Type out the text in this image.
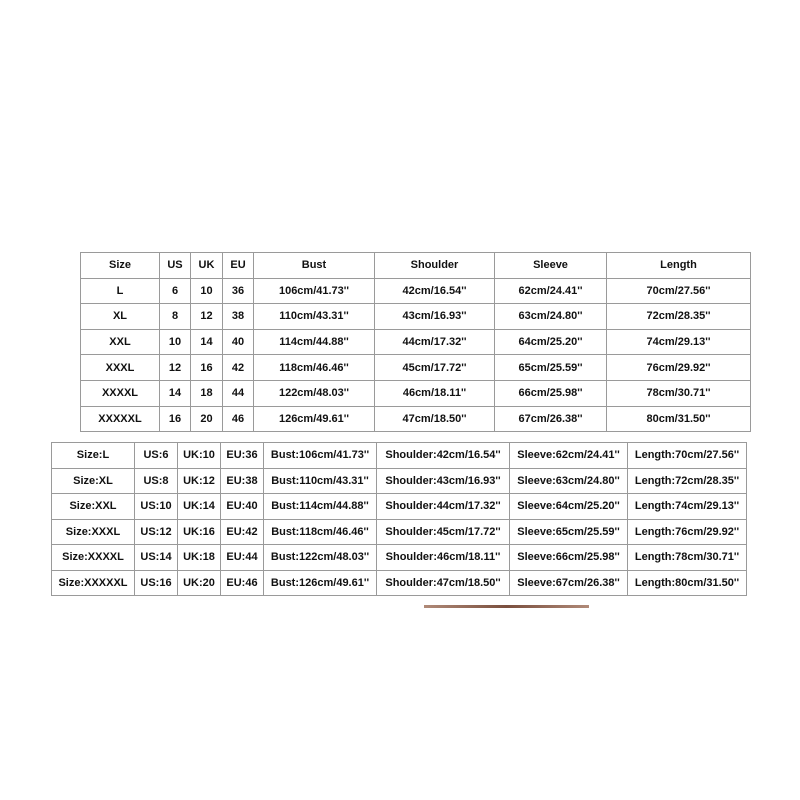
Size	US	UK	EU	Bust	Shoulder	Sleeve	Length
L	6	10	36	106cm/41.73''	42cm/16.54''	62cm/24.41''	70cm/27.56''
XL	8	12	38	110cm/43.31''	43cm/16.93''	63cm/24.80''	72cm/28.35''
XXL	10	14	40	114cm/44.88''	44cm/17.32''	64cm/25.20''	74cm/29.13''
XXXL	12	16	42	118cm/46.46''	45cm/17.72''	65cm/25.59''	76cm/29.92''
XXXXL	14	18	44	122cm/48.03''	46cm/18.11''	66cm/25.98''	78cm/30.71''
XXXXXL	16	20	46	126cm/49.61''	47cm/18.50''	67cm/26.38''	80cm/31.50''
Size:L	US:6	UK:10	EU:36	Bust:106cm/41.73''	Shoulder:42cm/16.54''	Sleeve:62cm/24.41''	Length:70cm/27.56''
Size:XL	US:8	UK:12	EU:38	Bust:110cm/43.31''	Shoulder:43cm/16.93''	Sleeve:63cm/24.80''	Length:72cm/28.35''
Size:XXL	US:10	UK:14	EU:40	Bust:114cm/44.88''	Shoulder:44cm/17.32''	Sleeve:64cm/25.20''	Length:74cm/29.13''
Size:XXXL	US:12	UK:16	EU:42	Bust:118cm/46.46''	Shoulder:45cm/17.72''	Sleeve:65cm/25.59''	Length:76cm/29.92''
Size:XXXXL	US:14	UK:18	EU:44	Bust:122cm/48.03''	Shoulder:46cm/18.11''	Sleeve:66cm/25.98''	Length:78cm/30.71''
Size:XXXXXL	US:16	UK:20	EU:46	Bust:126cm/49.61''	Shoulder:47cm/18.50''	Sleeve:67cm/26.38''	Length:80cm/31.50''
